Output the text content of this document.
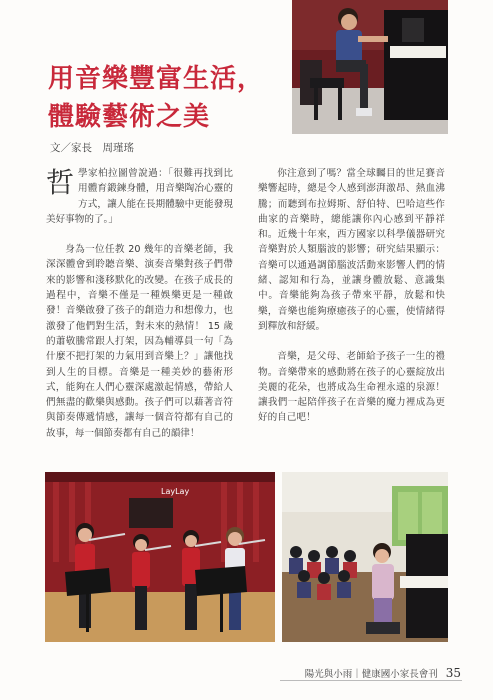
用音樂豐富生活，
體驗藝術之美
文／家長　周瑾瑤

哲學家柏拉圖曾說過：「很難再找到比用體育鍛鍊身體，用音樂陶冶心靈的方式，讓人能在長期體驗中更能發現美好事物的了。」

身為一位任教 20 幾年的音樂老師，我深深體會到聆聽音樂、演奏音樂對孩子們帶來的影響和淺移默化的改變。在孩子成長的過程中，音樂不僅是一種娛樂更是一種啟發！音樂啟發了孩子的創造力和想像力，也激發了他們對生活，對未來的熱情！ 15 歲的蕭敬騰常跟人打架，因為輔導員一句「為什麼不把打架的力氣用到音樂上？」讓他找到人生的目標。音樂是一種美妙的藝術形式，能夠在人們心靈深處激起情感，帶給人們無盡的歡樂與感動。孩子們可以藉著音符與節奏傳遞情感，讓每一個音符都有自己的故事，每一個節奏都有自己的韻律！

你注意到了嗎？當全球矚目的世足賽音樂響起時，總是令人感到澎湃激昂、熱血沸騰；而聽到布拉姆斯、舒伯特、巴哈這些作曲家的音樂時，總能讓你內心感到平靜祥和。近幾十年來，西方國家以科學儀器研究音樂對於人類腦波的影響；研究結果顯示：音樂可以通過調節腦波活動來影響人們的情緒、認知和行為，並讓身體放鬆、意識集中。音樂能夠為孩子帶來平靜，放鬆和快樂，音樂也能夠療癒孩子的心靈，使情緒得到釋放和舒緩。

音樂，是父母、老師給予孩子一生的禮物。音樂帶來的感動將在孩子的心靈綻放出美麗的花朵，也將成為生命裡永遠的泉源！讓我們一起陪伴孩子在音樂的魔力裡成為更好的自己吧！

LayLay
陽光與小雨｜健康國小家長會刊 35
